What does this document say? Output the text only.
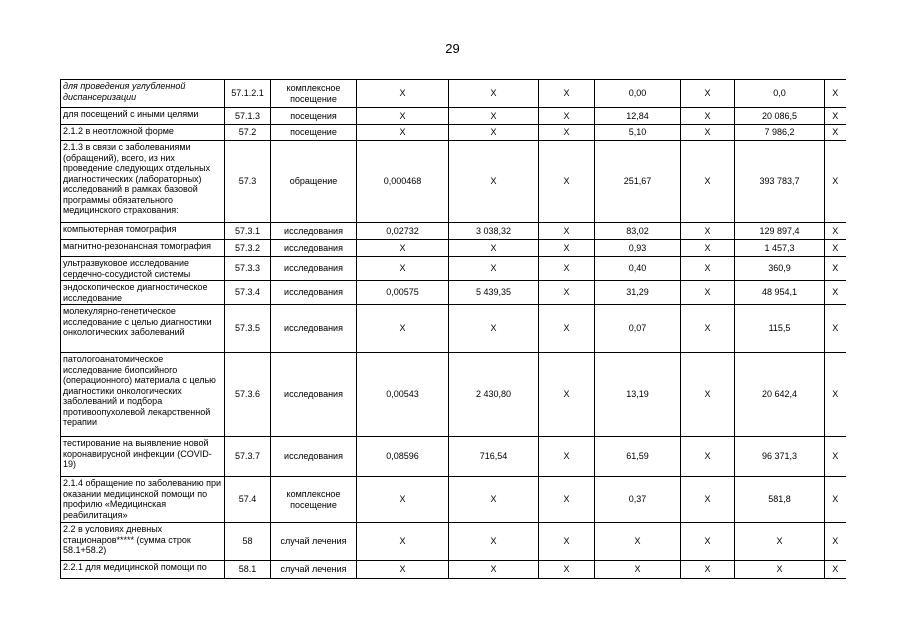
29
для проведения углубленной диспансеризации	57.1.2.1	комплексное посещение	X	X	X	0,00	X	0,0	X
для посещений с иными целями	57.1.3	посещения	X	X	X	12,84	X	20 086,5	X
2.1.2 в неотложной форме	57.2	посещение	X	X	X	5,10	X	7 986,2	X
2.1.3 в связи с заболеваниями (обращений), всего, из них проведение следующих отдельных диагностических (лабораторных) исследований в рамках базовой программы обязательного медицинского страхования:	57.3	обращение	0,000468	X	X	251,67	X	393 783,7	X
компьютерная томография	57.3.1	исследования	0,02732	3 038,32	X	83,02	X	129 897,4	X
магнитно-резонансная томография	57.3.2	исследования	X	X	X	0,93	X	1 457,3	X
ультразвуковое исследование сердечно-сосудистой системы	57.3.3	исследования	X	X	X	0,40	X	360,9	X
эндоскопическое диагностическое исследование	57.3.4	исследования	0,00575	5 439,35	X	31,29	X	48 954,1	X
молекулярно-генетическое исследование с целью диагностики онкологических заболеваний	57.3.5	исследования	X	X	X	0,07	X	115,5	X
патологоанатомическое исследование биопсийного (операционного) материала с целью диагностики онкологических заболеваний и подбора противоопухолевой лекарственной терапии	57.3.6	исследования	0,00543	2 430,80	X	13,19	X	20 642,4	X
тестирование на выявление новой коронавирусной инфекции (COVID-19)	57.3.7	исследования	0,08596	716,54	X	61,59	X	96 371,3	X
2.1.4 обращение по заболеванию при оказании медицинской помощи по профилю «Медицинская реабилитация»	57.4	комплексное посещение	X	X	X	0,37	X	581,8	X
2.2 в условиях дневных стационаров***** (сумма строк 58.1+58.2)	58	случай лечения	X	X	X	X	X	X	X
2.2.1 для медицинской помощи по	58.1	случай лечения	X	X	X	X	X	X	X
